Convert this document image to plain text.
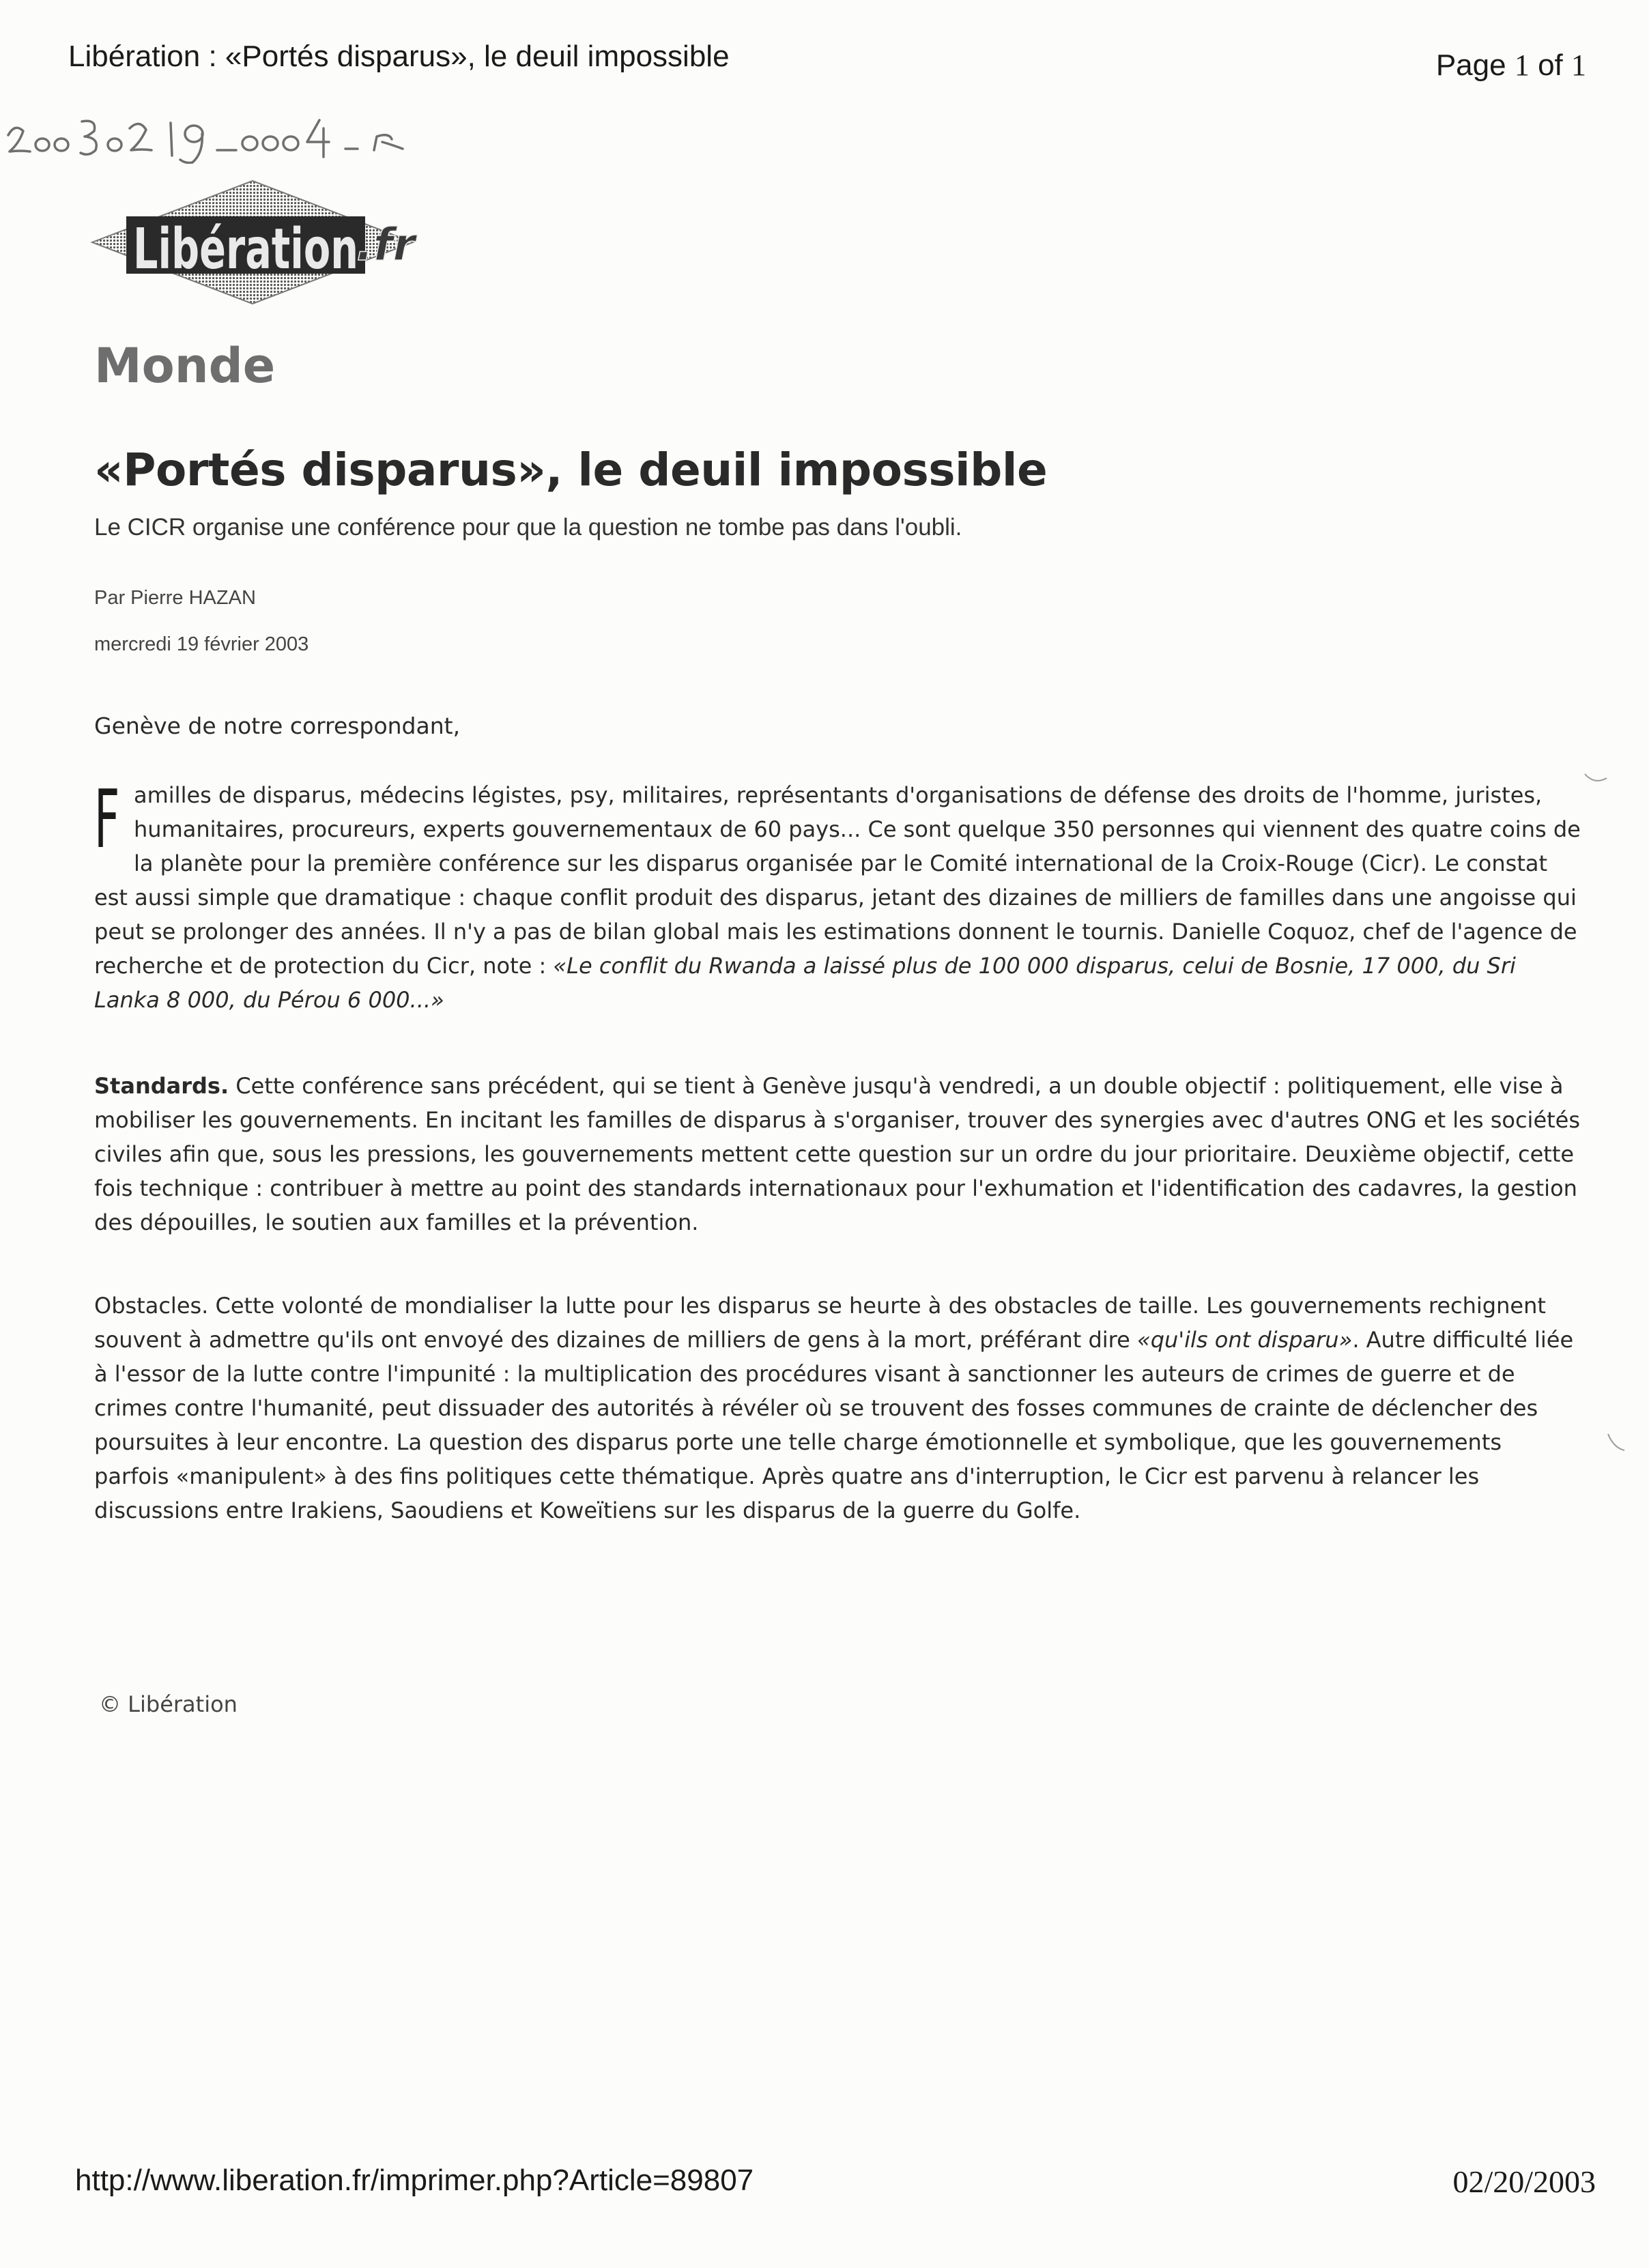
Libération : «Portés disparus», le deuil impossible	Page 1 of 1
Libération
.fr
Monde
«Portés disparus», le deuil impossible
Le CICR organise une conférence pour que la question ne tombe pas dans l'oubli.
Par Pierre HAZAN
mercredi 19 février 2003
Genève de notre correspondant,
Familles de disparus, médecins légistes, psy, militaires, représentants d'organisations de défense des droits de l'homme, juristes, humanitaires, procureurs, experts gouvernementaux de 60 pays... Ce sont quelque 350 personnes qui viennent des quatre coins de la planète pour la première conférence sur les disparus organisée par le Comité international de la Croix-Rouge (Cicr). Le constat est aussi simple que dramatique : chaque conflit produit des disparus, jetant des dizaines de milliers de familles dans une angoisse qui peut se prolonger des années. Il n'y a pas de bilan global mais les estimations donnent le tournis. Danielle Coquoz, chef de l'agence de recherche et de protection du Cicr, note : «Le conflit du Rwanda a laissé plus de 100 000 disparus, celui de Bosnie, 17 000, du Sri Lanka 8 000, du Pérou 6 000...»
Standards. Cette conférence sans précédent, qui se tient à Genève jusqu'à vendredi, a un double objectif : politiquement, elle vise à mobiliser les gouvernements. En incitant les familles de disparus à s'organiser, trouver des synergies avec d'autres ONG et les sociétés civiles afin que, sous les pressions, les gouvernements mettent cette question sur un ordre du jour prioritaire. Deuxième objectif, cette fois technique : contribuer à mettre au point des standards internationaux pour l'exhumation et l'identification des cadavres, la gestion des dépouilles, le soutien aux familles et la prévention.
Obstacles. Cette volonté de mondialiser la lutte pour les disparus se heurte à des obstacles de taille. Les gouvernements rechignent souvent à admettre qu'ils ont envoyé des dizaines de milliers de gens à la mort, préférant dire «qu'ils ont disparu». Autre difficulté liée à l'essor de la lutte contre l'impunité : la multiplication des procédures visant à sanctionner les auteurs de crimes de guerre et de crimes contre l'humanité, peut dissuader des autorités à révéler où se trouvent des fosses communes de crainte de déclencher des poursuites à leur encontre. La question des disparus porte une telle charge émotionnelle et symbolique, que les gouvernements parfois «manipulent» à des fins politiques cette thématique. Après quatre ans d'interruption, le Cicr est parvenu à relancer les discussions entre Irakiens, Saoudiens et Koweïtiens sur les disparus de la guerre du Golfe.
© Libération
http://www.liberation.fr/imprimer.php?Article=89807	02/20/2003
